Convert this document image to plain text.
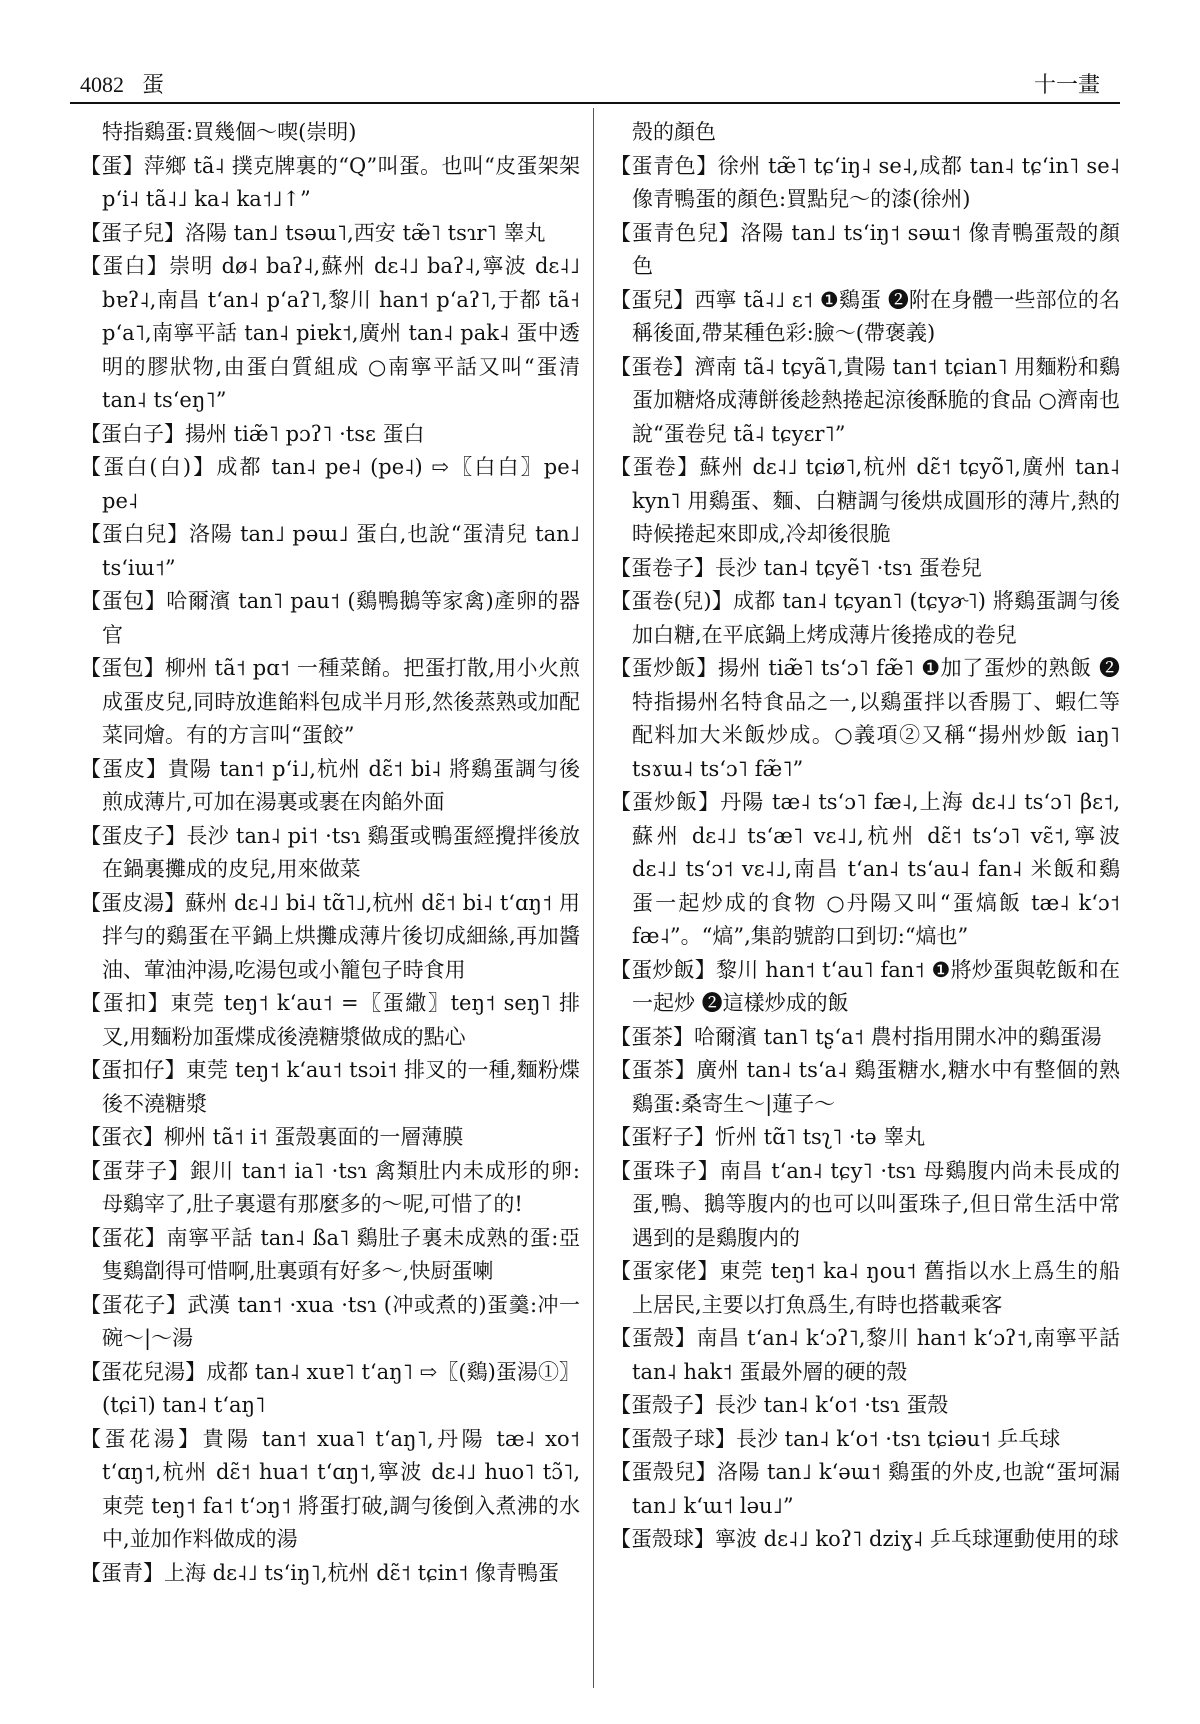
4082 蛋	十一畫

特指鷄蛋:買幾個～喫(崇明)

【蛋】萍鄉 tã˨ 撲克牌裏的“Q”叫蛋。也叫“皮蛋架架 pʻi˨ tã˨˩ ka˨ ka˦˩↑”

【蛋子兒】洛陽 tan˩ tsəɯ˥,西安 tæ̃˥ tsɿr˥ 睾丸

【蛋白】崇明 dø˨ baʔ˨,蘇州 dɛ˨˩ baʔ˨,寧波 dɛ˨˩ bɐʔ˨,南昌 tʻan˨ pʻaʔ˥,黎川 han˦ pʻaʔ˥,于都 tã˧ pʻa˥,南寧平話 tan˨ piɐk˦,廣州 tan˨ pak˨ 蛋中透明的膠狀物,由蛋白質組成 ○南寧平話又叫“蛋清 tan˨ tsʻeŋ˥”

【蛋白子】揚州 tiæ̃˥ pɔʔ˥ ·tsɛ 蛋白

【蛋白(白)】成都 tan˨ pe˨ (pe˨) ⇨〖白白〗pe˨ pe˨

【蛋白兒】洛陽 tan˩ pəɯ˩ 蛋白,也說“蛋清兒 tan˩ tsʻiɯ˦”

【蛋包】哈爾濱 tan˥ pau˦ (鷄鴨鵝等家禽)產卵的器官

【蛋包】柳州 tã˦ pɑ˦ 一種菜餚。把蛋打散,用小火煎成蛋皮兒,同時放進餡料包成半月形,然後蒸熟或加配菜同燴。有的方言叫“蛋餃”

【蛋皮】貴陽 tan˦ pʻi˩,杭州 dɛ̃˦ bi˨ 將鷄蛋調勻後煎成薄片,可加在湯裏或裹在肉餡外面

【蛋皮子】長沙 tan˨ pi˦ ·tsɿ 鷄蛋或鴨蛋經攪拌後放在鍋裏攤成的皮兒,用來做菜

【蛋皮湯】蘇州 dɛ˨˩ bi˨ tɑ̃˥˩,杭州 dɛ̃˦ bi˨ tʻɑŋ˦ 用拌勻的鷄蛋在平鍋上烘攤成薄片後切成細絲,再加醬油、葷油沖湯,吃湯包或小籠包子時食用

【蛋扣】東莞 teŋ˦ kʻau˦ =〖蛋繖〗teŋ˦ seŋ˥ 排叉,用麵粉加蛋煠成後澆糖漿做成的點心

【蛋扣仔】東莞 teŋ˦ kʻau˦ tsɔi˦ 排叉的一種,麵粉煠後不澆糖漿

【蛋衣】柳州 tã˦ i˦ 蛋殼裏面的一層薄膜

【蛋芽子】銀川 tan˦ ia˥ ·tsɿ 禽類肚内未成形的卵:母鷄宰了,肚子裏還有那麼多的～呢,可惜了的!

【蛋花】南寧平話 tan˨ ßa˥ 鷄肚子裏未成熟的蛋:亞隻鷄劏得可惜啊,肚裏頭有好多～,快厨蛋喇

【蛋花子】武漢 tan˦ ·xua ·tsɿ (冲或煮的)蛋羹:冲一碗～|～湯

【蛋花兒湯】成都 tan˨ xuɐ˥ tʻaŋ˥ ⇨〖(鷄)蛋湯①〗(tɕi˥) tan˨ tʻaŋ˥

【蛋花湯】貴陽 tan˦ xua˥ tʻaŋ˥,丹陽 tæ˨ xo˦ tʻɑŋ˦,杭州 dɛ̃˦ hua˦ tʻɑŋ˦,寧波 dɛ˨˩ huo˥ tɔ̃˥,東莞 teŋ˦ fa˦ tʻɔŋ˦ 將蛋打破,調勻後倒入煮沸的水中,並加作料做成的湯

【蛋青】上海 dɛ˨˩ tsʻiŋ˥,杭州 dɛ̃˦ tɕin˦ 像青鴨蛋

殼的顏色

【蛋青色】徐州 tæ̃˥ tɕʻiŋ˨ se˨,成都 tan˨ tɕʻin˥ se˨ 像青鴨蛋的顏色:買點兒～的漆(徐州)

【蛋青色兒】洛陽 tan˩ tsʻiŋ˦ səɯ˦ 像青鴨蛋殼的顏色

【蛋兒】西寧 tã˨˩ ɛ˦ ❶鷄蛋 ❷附在身體一些部位的名稱後面,帶某種色彩:臉～(帶褒義)

【蛋卷】濟南 tã˨ tɕyã˥,貴陽 tan˦ tɕian˥ 用麵粉和鷄蛋加糖烙成薄餅後趁熱捲起涼後酥脆的食品 ○濟南也說“蛋卷兒 tã˨ tɕyɛr˥”

【蛋卷】蘇州 dɛ˨˩ tɕiø˥,杭州 dɛ̃˦ tɕyõ˥,廣州 tan˨ kyn˥ 用鷄蛋、麵、白糖調勻後烘成圓形的薄片,熱的時候捲起來即成,冷却後很脆

【蛋卷子】長沙 tan˨ tɕyẽ˥ ·tsɿ 蛋卷兒

【蛋卷(兒)】成都 tan˨ tɕyan˥ (tɕyɚ˥) 將鷄蛋調勻後加白糖,在平底鍋上烤成薄片後捲成的卷兒

【蛋炒飯】揚州 tiæ̃˥ tsʻɔ˥ fæ̃˥ ❶加了蛋炒的熟飯 ❷特指揚州名特食品之一,以鷄蛋拌以香腸丁、蝦仁等配料加大米飯炒成。○義項②又稱“揚州炒飯 iaŋ˥ tsɤɯ˨ tsʻɔ˥ fæ̃˥”

【蛋炒飯】丹陽 tæ˨ tsʻɔ˥ fæ˨,上海 dɛ˨˩ tsʻɔ˥ βɛ˦,蘇州 dɛ˨˩ tsʻæ˥ vɛ˨˩,杭州 dɛ̃˦ tsʻɔ˥ vɛ̃˦,寧波 dɛ˨˩ tsʻɔ˦ vɛ˨˩,南昌 tʻan˨ tsʻau˨ fan˨ 米飯和鷄蛋一起炒成的食物 ○丹陽又叫“蛋熇飯 tæ˨ kʻɔ˦ fæ˨”。“熇”,集韵號韵口到切:“熇也”

【蛋炒飯】黎川 han˦ tʻau˥ fan˦ ❶將炒蛋與乾飯和在一起炒 ❷這樣炒成的飯

【蛋茶】哈爾濱 tan˥ tʂʻa˦ 農村指用開水冲的鷄蛋湯

【蛋茶】廣州 tan˨ tsʻa˨ 鷄蛋糖水,糖水中有整個的熟鷄蛋:桑寄生～|蓮子～

【蛋籽子】忻州 tɑ̃˥ tsʅ˥ ·tə 睾丸

【蛋珠子】南昌 tʻan˨ tɕy˥ ·tsɿ 母鷄腹内尚未長成的蛋,鴨、鵝等腹内的也可以叫蛋珠子,但日常生活中常遇到的是鷄腹内的

【蛋家佬】東莞 teŋ˦ ka˨ ŋou˦ 舊指以水上爲生的船上居民,主要以打魚爲生,有時也搭載乘客

【蛋殼】南昌 tʻan˨ kʻɔʔ˥,黎川 han˦ kʻɔʔ˦,南寧平話 tan˨ hak˦ 蛋最外層的硬的殼

【蛋殼子】長沙 tan˨ kʻo˦ ·tsɿ 蛋殼

【蛋殼子球】長沙 tan˨ kʻo˦ ·tsɿ tɕiəu˦ 乒乓球

【蛋殼兒】洛陽 tan˩ kʻəɯ˦ 鷄蛋的外皮,也說“蛋坷漏 tan˩ kʻɯ˦ ləu˩”

【蛋殼球】寧波 dɛ˨˩ koʔ˥ dziɣ˨ 乒乓球運動使用的球
